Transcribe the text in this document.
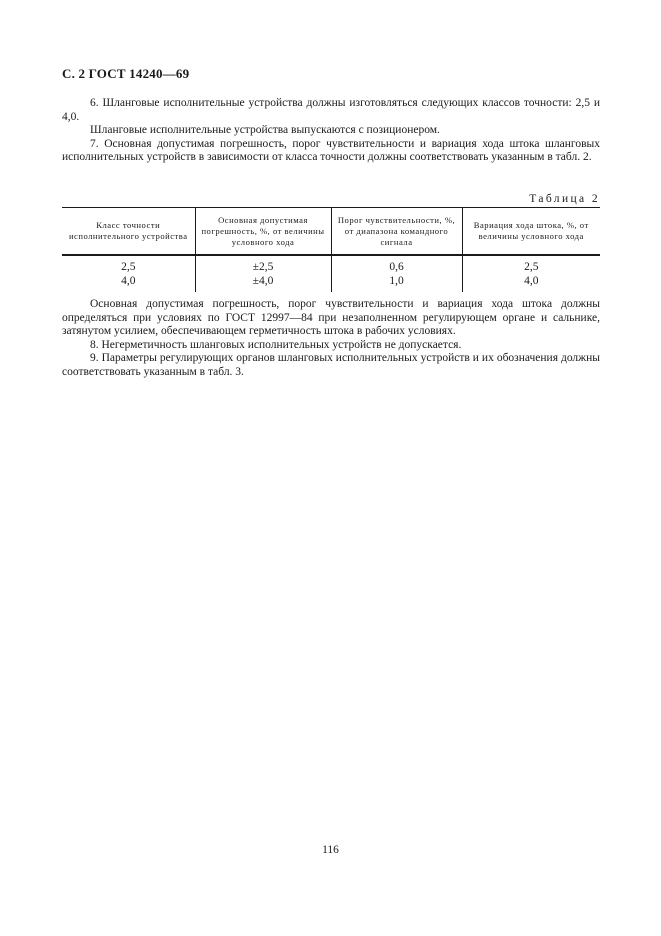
С. 2 ГОСТ 14240—69

6. Шланговые исполнительные устройства должны изготовляться следующих классов точности: 2,5 и 4,0.

Шланговые исполнительные устройства выпускаются с позиционером.

7. Основная допустимая погрешность, порог чувствительности и вариация хода штока шланговых исполнительных устройств в зависимости от класса точности должны соответствовать указанным в табл. 2.

Таблица 2
Класс точности исполнительного устройства	Основная допустимая погрешность, %, от величины условного хода	Порог чувствительности, %, от диапазона командного сигнала	Вариация хода штока, %, от величины условного хода

2,5	±2,5	0,6	2,5
4,0	±4,0	1,0	4,0

Основная допустимая погрешность, порог чувствительности и вариация хода штока должны определяться при условиях по ГОСТ 12997—84 при незаполненном регулирующем органе и сальнике, затянутом усилием, обеспечивающем герметичность штока в рабочих условиях.

8. Негерметичность шланговых исполнительных устройств не допускается.

9. Параметры регулирующих органов шланговых исполнительных устройств и их обозначения должны соответствовать указанным в табл. 3.

116
